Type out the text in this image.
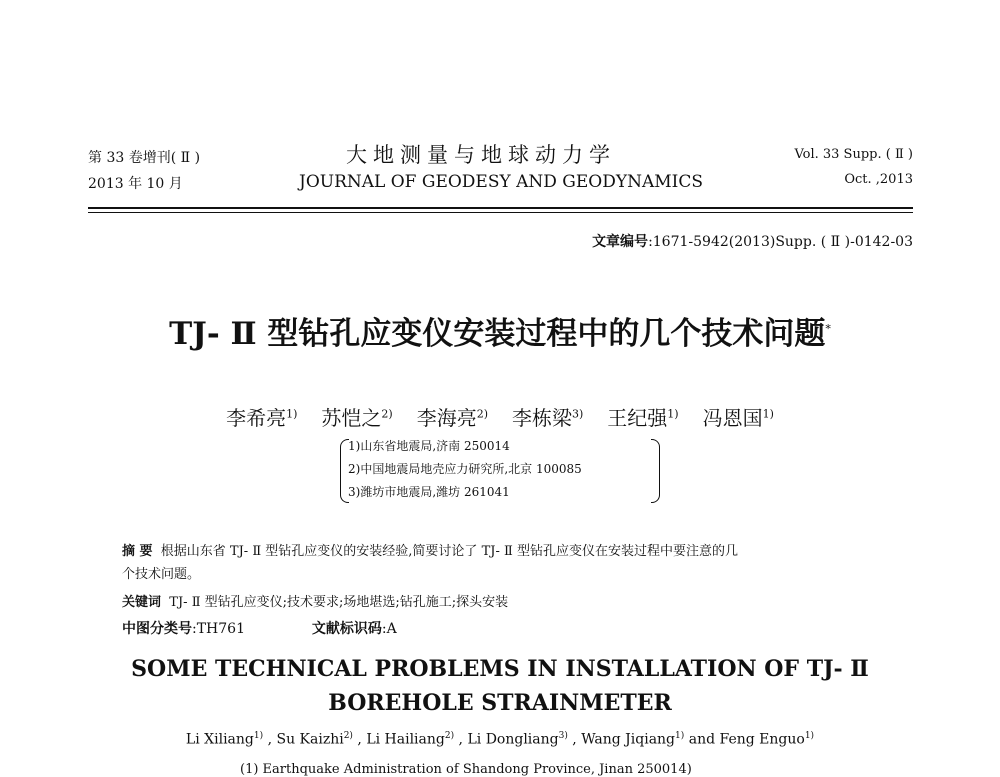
第 33 卷增刊( Ⅱ )
2013 年 10 月
大地测量与地球动力学
JOURNAL OF GEODESY AND GEODYNAMICS
Vol. 33 Supp. ( Ⅱ )
Oct. ,2013
文章编号:1671-5942(2013)Supp. ( Ⅱ )-0142-03
TJ- Ⅱ 型钻孔应变仪安装过程中的几个技术问题*
李希亮$^{1)}$ 苏恺之$^{2)}$ 李海亮$^{2)}$ 李栋梁$^{3)}$ 王纪强$^{1)}$ 冯恩国$^{1)}$
1)山东省地震局,济南 250014
2)中国地震局地壳应力研究所,北京 100085
3)潍坊市地震局,潍坊 261041
摘 要 根据山东省 TJ- Ⅱ 型钻孔应变仪的安装经验,简要讨论了 TJ- Ⅱ 型钻孔应变仪在安装过程中要注意的几
个技术问题。
关键词 TJ- Ⅱ 型钻孔应变仪;技术要求;场地堪选;钻孔施工;探头安装
中图分类号:TH761	文献标识码:A
SOME TECHNICAL PROBLEMS IN INSTALLATION OF TJ- Ⅱ
BOREHOLE STRAINMETER
Li Xiliang$^{1)}$ , Su Kaizhi$^{2)}$ , Li Hailiang$^{2)}$ , Li Dongliang$^{3)}$ , Wang Jiqiang$^{1)}$ and Feng Enguo$^{1)}$
(1) Earthquake Administration of Shandong Province, Jinan 250014)
